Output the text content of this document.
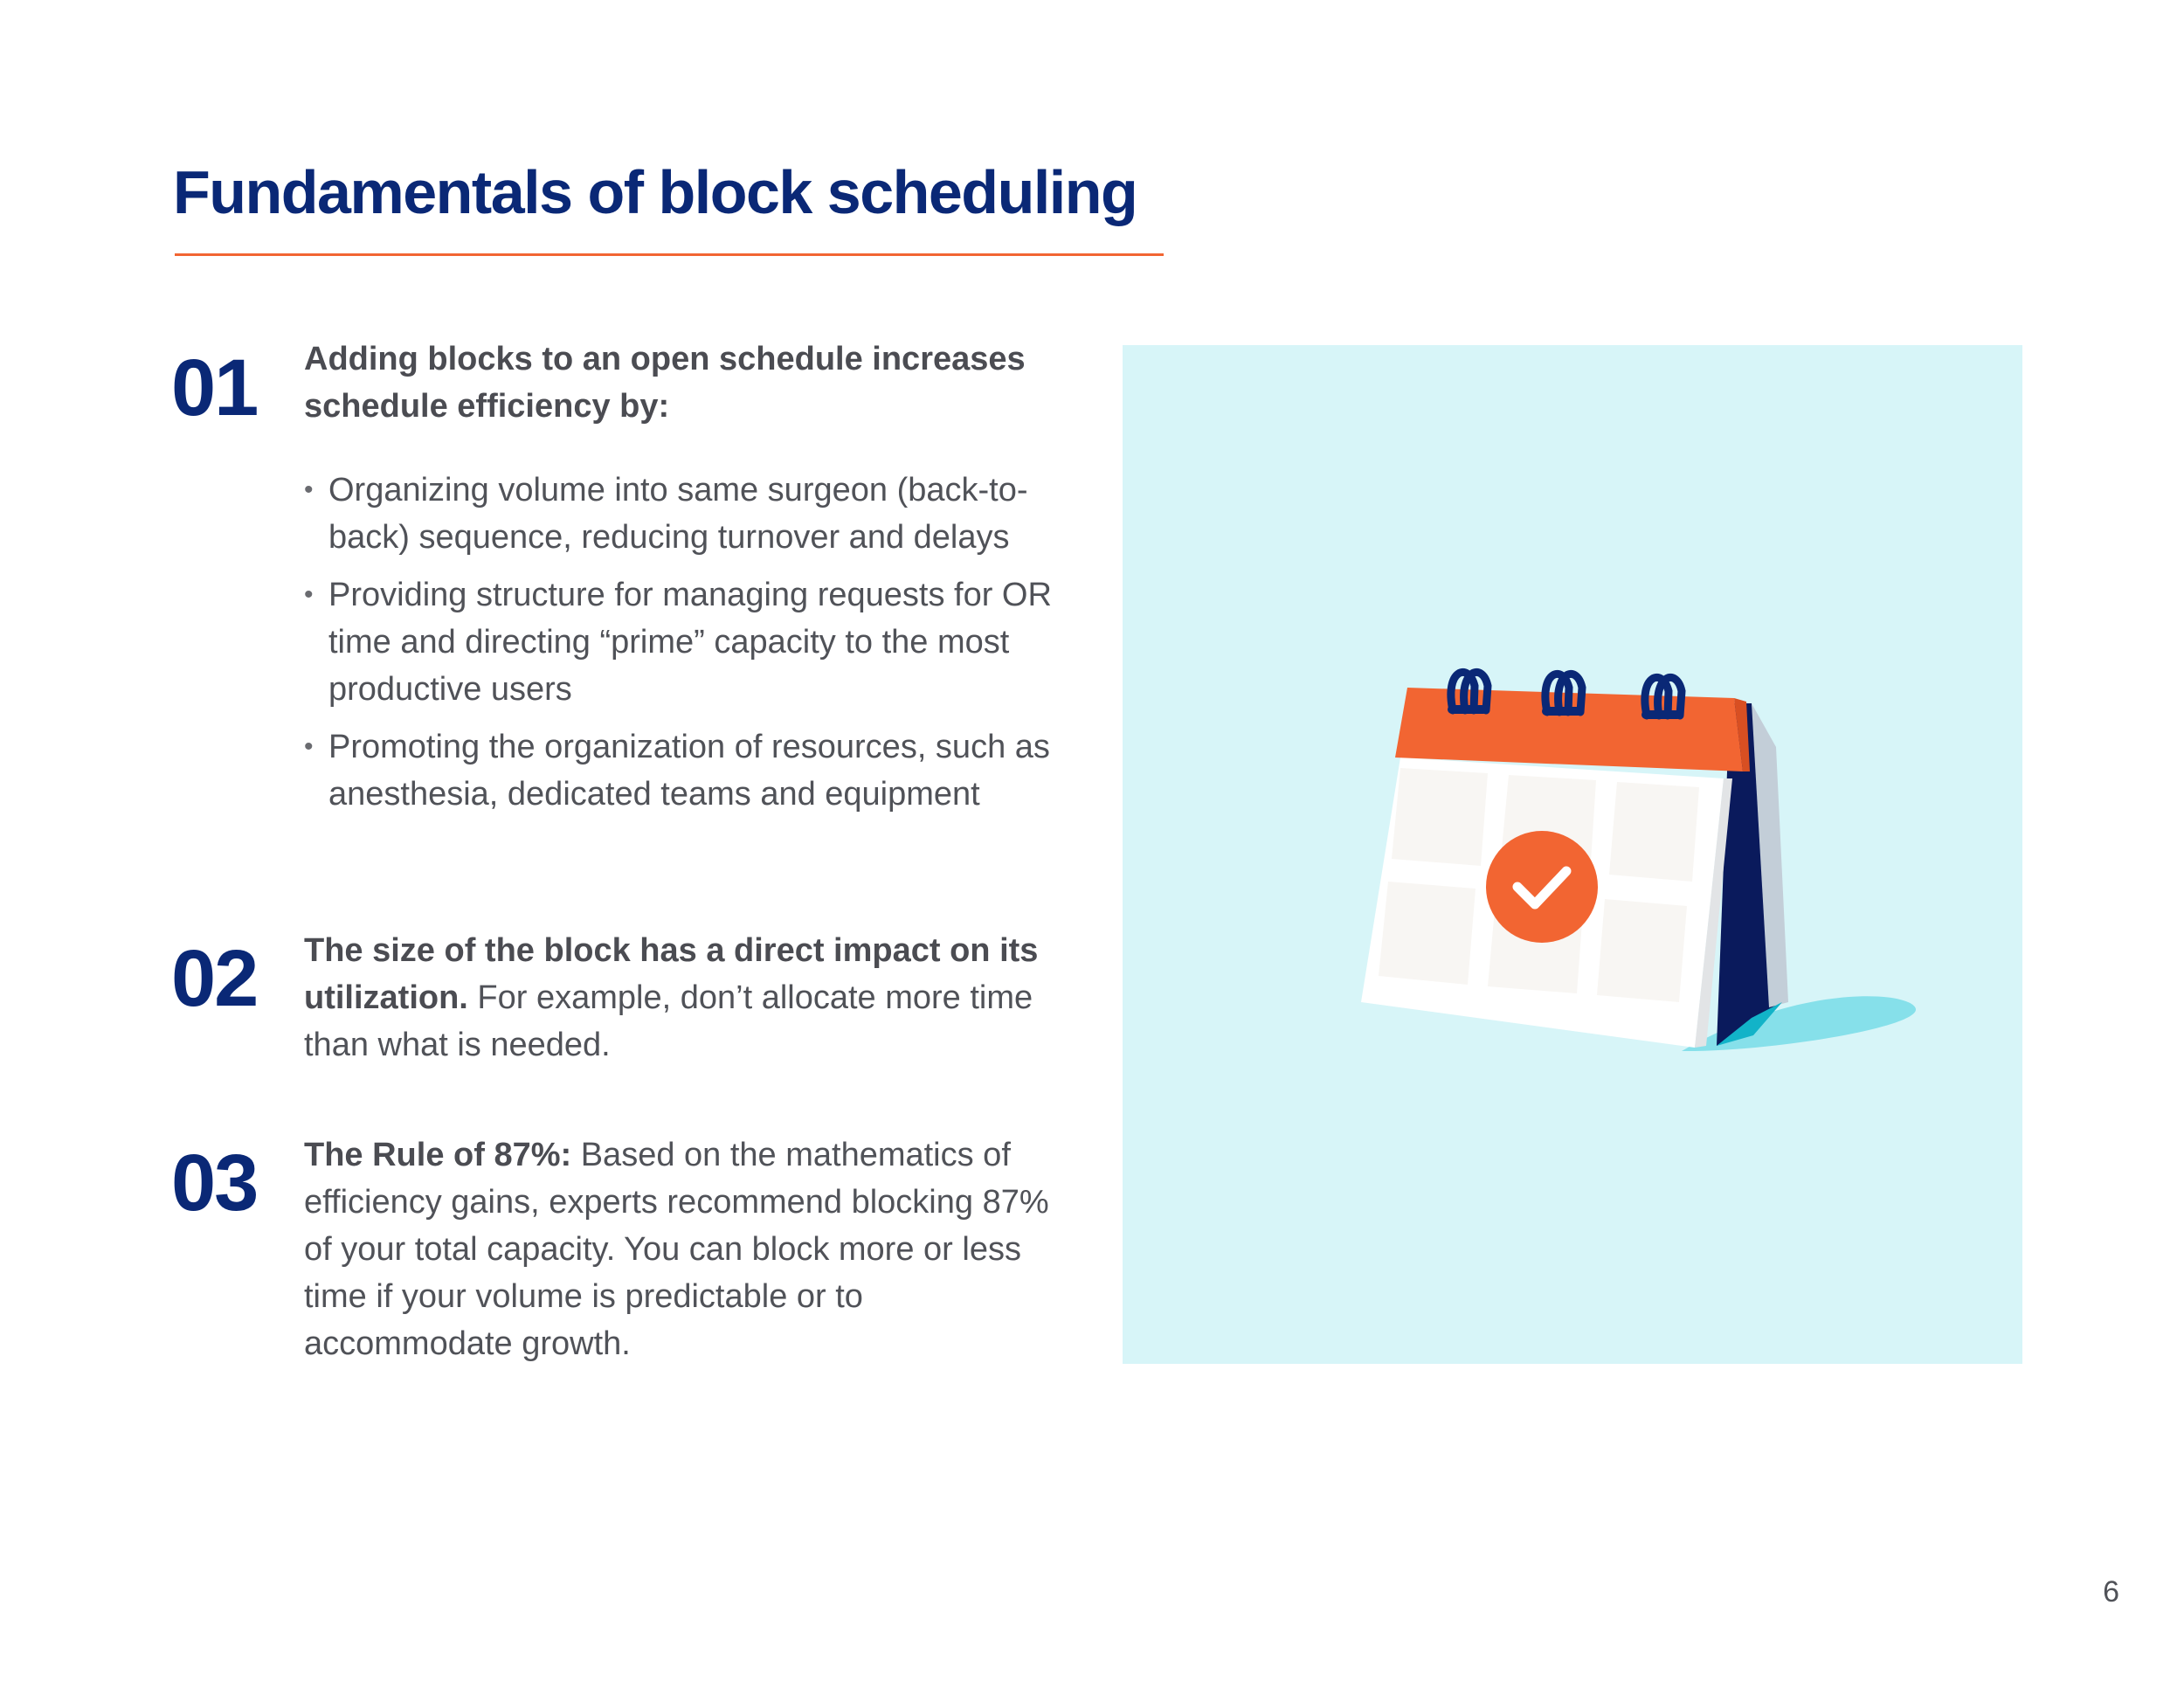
Fundamentals of block scheduling
01 Adding blocks to an open schedule increases schedule efficiency by:
• Organizing volume into same surgeon (back-to-back) sequence, reducing turnover and delays
• Providing structure for managing requests for OR time and directing “prime” capacity to the most productive users
• Promoting the organization of resources, such as anesthesia, dedicated teams and equipment
02 The size of the block has a direct impact on its utilization. For example, don’t allocate more time than what is needed.
03 The Rule of 87%: Based on the mathematics of efficiency gains, experts recommend blocking 87% of your total capacity. You can block more or less time if your volume is predictable or to accommodate growth.
6
